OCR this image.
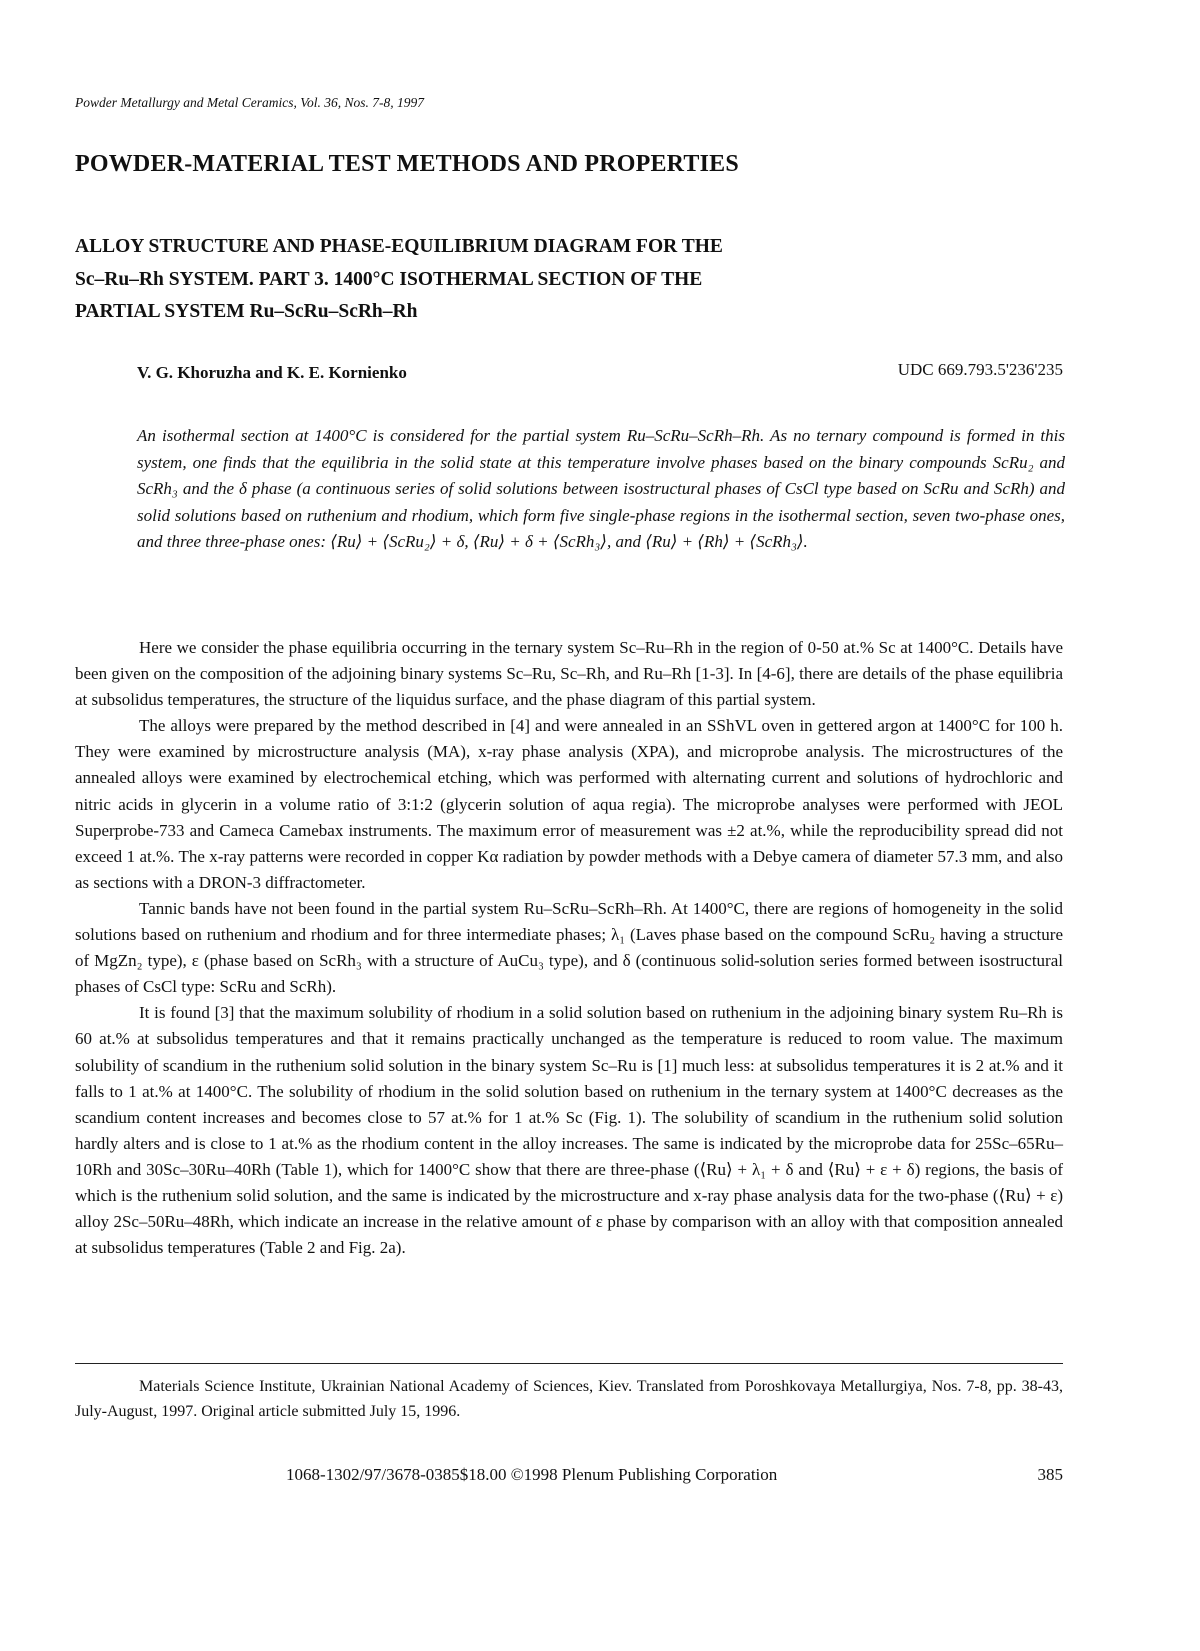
Powder Metallurgy and Metal Ceramics, Vol. 36, Nos. 7-8, 1997
POWDER-MATERIAL TEST METHODS AND PROPERTIES
ALLOY STRUCTURE AND PHASE-EQUILIBRIUM DIAGRAM FOR THE
Sc–Ru–Rh SYSTEM. PART 3. 1400°C ISOTHERMAL SECTION OF THE
PARTIAL SYSTEM Ru–ScRu–ScRh–Rh
V. G. Khoruzha and K. E. Kornienko	UDC 669.793.5'236'235
An isothermal section at 1400°C is considered for the partial system Ru–ScRu–ScRh–Rh. As no ternary compound is formed in this system, one finds that the equilibria in the solid state at this temperature involve phases based on the binary compounds ScRu₂ and ScRh₃ and the δ phase (a continuous series of solid solutions between isostructural phases of CsCl type based on ScRu and ScRh) and solid solutions based on ruthenium and rhodium, which form five single-phase regions in the isothermal section, seven two-phase ones, and three three-phase ones: ⟨Ru⟩ + ⟨ScRu₂⟩ + δ, ⟨Ru⟩ + δ + ⟨ScRh₃⟩, and ⟨Ru⟩ + ⟨Rh⟩ + ⟨ScRh₃⟩.

Here we consider the phase equilibria occurring in the ternary system Sc–Ru–Rh in the region of 0-50 at.% Sc at 1400°C. Details have been given on the composition of the adjoining binary systems Sc–Ru, Sc–Rh, and Ru–Rh [1-3]. In [4-6], there are details of the phase equilibria at subsolidus temperatures, the structure of the liquidus surface, and the phase diagram of this partial system.

The alloys were prepared by the method described in [4] and were annealed in an SShVL oven in gettered argon at 1400°C for 100 h. They were examined by microstructure analysis (MA), x-ray phase analysis (XPA), and microprobe analysis. The microstructures of the annealed alloys were examined by electrochemical etching, which was performed with alternating current and solutions of hydrochloric and nitric acids in glycerin in a volume ratio of 3:1:2 (glycerin solution of aqua regia). The microprobe analyses were performed with JEOL Superprobe-733 and Cameca Camebax instruments. The maximum error of measurement was ±2 at.%, while the reproducibility spread did not exceed 1 at.%. The x-ray patterns were recorded in copper Kα radiation by powder methods with a Debye camera of diameter 57.3 mm, and also as sections with a DRON-3 diffractometer.

Tannic bands have not been found in the partial system Ru–ScRu–ScRh–Rh. At 1400°C, there are regions of homogeneity in the solid solutions based on ruthenium and rhodium and for three intermediate phases; λ₁ (Laves phase based on the compound ScRu₂ having a structure of MgZn₂ type), ε (phase based on ScRh₃ with a structure of AuCu₃ type), and δ (continuous solid-solution series formed between isostructural phases of CsCl type: ScRu and ScRh).

It is found [3] that the maximum solubility of rhodium in a solid solution based on ruthenium in the adjoining binary system Ru–Rh is 60 at.% at subsolidus temperatures and that it remains practically unchanged as the temperature is reduced to room value. The maximum solubility of scandium in the ruthenium solid solution in the binary system Sc–Ru is [1] much less: at subsolidus temperatures it is 2 at.% and it falls to 1 at.% at 1400°C. The solubility of rhodium in the solid solution based on ruthenium in the ternary system at 1400°C decreases as the scandium content increases and becomes close to 57 at.% for 1 at.% Sc (Fig. 1). The solubility of scandium in the ruthenium solid solution hardly alters and is close to 1 at.% as the rhodium content in the alloy increases. The same is indicated by the microprobe data for 25Sc–65Ru–10Rh and 30Sc–30Ru–40Rh (Table 1), which for 1400°C show that there are three-phase (⟨Ru⟩ + λ₁ + δ and ⟨Ru⟩ + ε + δ) regions, the basis of which is the ruthenium solid solution, and the same is indicated by the microstructure and x-ray phase analysis data for the two-phase (⟨Ru⟩ + ε) alloy 2Sc–50Ru–48Rh, which indicate an increase in the relative amount of ε phase by comparison with an alloy with that composition annealed at subsolidus temperatures (Table 2 and Fig. 2a).

Materials Science Institute, Ukrainian National Academy of Sciences, Kiev. Translated from Poroshkovaya Metallurgiya, Nos. 7-8, pp. 38-43, July-August, 1997. Original article submitted July 15, 1996.
1068-1302/97/3678-0385$18.00 ©1998 Plenum Publishing Corporation	385
